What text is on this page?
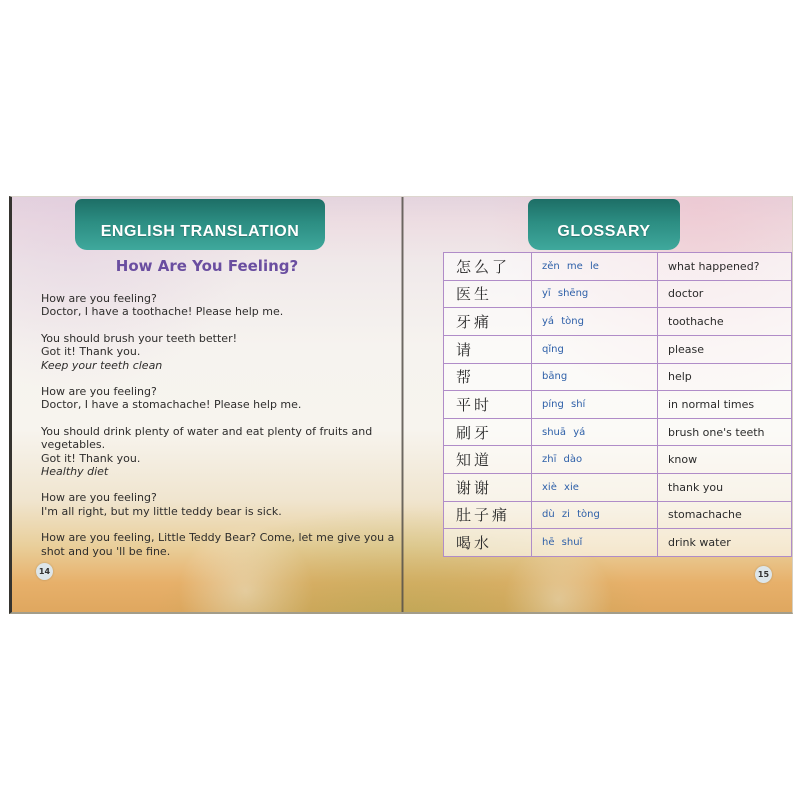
ENGLISH TRANSLATION
How Are You Feeling?
How are you feeling?
Doctor, I have a toothache! Please help me.
You should brush your teeth better!
Got it! Thank you.
Keep your teeth clean
How are you feeling?
Doctor, I have a stomachache! Please help me.
You should drink plenty of water and eat plenty of fruits and
vegetables.
Got it! Thank you.
Healthy diet
How are you feeling?
I'm all right, but my little teddy bear is sick.
How are you feeling, Little Teddy Bear? Come, let me give you a
shot and you 'll be fine.
14
GLOSSARY
怎么了	zěn me le	what happened?
医生	yī shēng	doctor
牙痛	yá tòng	toothache
请	qǐng	please
帮	bāng	help
平时	píng shí	in normal times
刷牙	shuā yá	brush one's teeth
知道	zhī dào	know
谢谢	xiè xie	thank you
肚子痛	dù zi tòng	stomachache
喝水	hē shuǐ	drink water
15
